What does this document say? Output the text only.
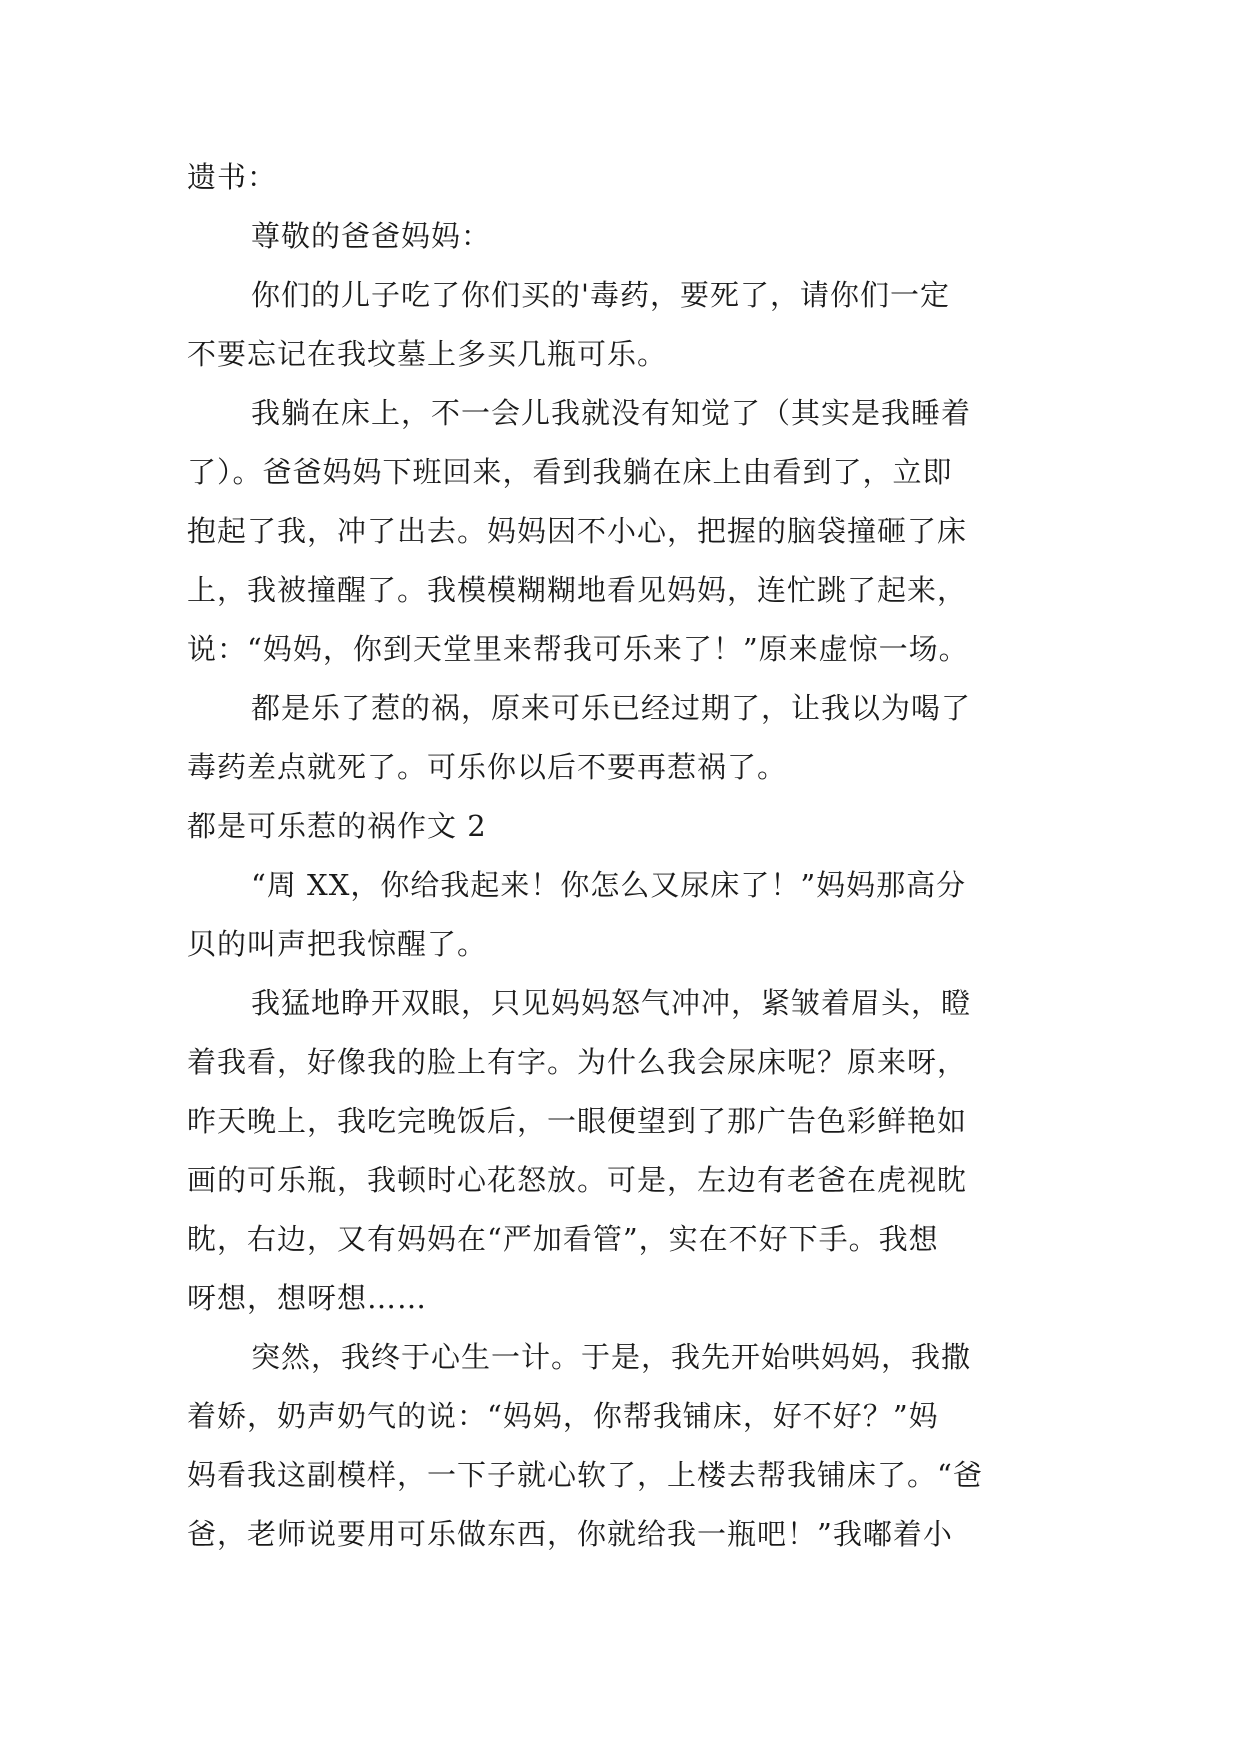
遗书：
尊敬的爸爸妈妈：
你们的儿子吃了你们买的'毒药，要死了，请你们一定
不要忘记在我坟墓上多买几瓶可乐。
我躺在床上，不一会儿我就没有知觉了（其实是我睡着
了）。爸爸妈妈下班回来，看到我躺在床上由看到了，立即
抱起了我，冲了出去。妈妈因不小心，把握的脑袋撞砸了床
上，我被撞醒了。我模模糊糊地看见妈妈，连忙跳了起来，
说：“妈妈，你到天堂里来帮我可乐来了！”原来虚惊一场。
都是乐了惹的祸，原来可乐已经过期了，让我以为喝了
毒药差点就死了。可乐你以后不要再惹祸了。
都是可乐惹的祸作文 2
“周 XX，你给我起来！你怎么又尿床了！”妈妈那高分
贝的叫声把我惊醒了。
我猛地睁开双眼，只见妈妈怒气冲冲，紧皱着眉头，瞪
着我看，好像我的脸上有字。为什么我会尿床呢？原来呀，
昨天晚上，我吃完晚饭后，一眼便望到了那广告色彩鲜艳如
画的可乐瓶，我顿时心花怒放。可是，左边有老爸在虎视眈
眈，右边，又有妈妈在“严加看管”，实在不好下手。我想
呀想，想呀想……
突然，我终于心生一计。于是，我先开始哄妈妈，我撒
着娇，奶声奶气的说：“妈妈，你帮我铺床，好不好？”妈
妈看我这副模样，一下子就心软了，上楼去帮我铺床了。“爸
爸，老师说要用可乐做东西，你就给我一瓶吧！”我嘟着小
